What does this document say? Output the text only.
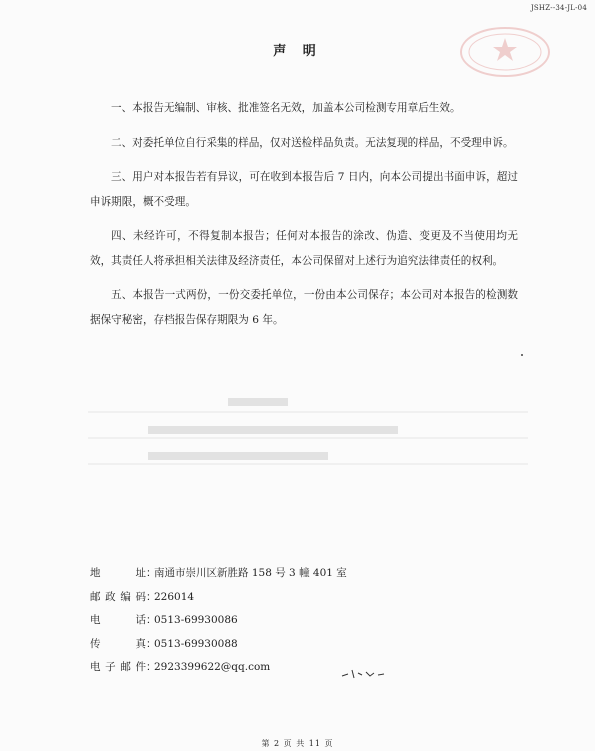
JSHZ--34-JL-04
声 明

一、本报告无编制、审核、批准签名无效，加盖本公司检测专用章后生效。

二、对委托单位自行采集的样品，仅对送检样品负责。无法复现的样品，不受理申诉。

三、用户对本报告若有异议，可在收到本报告后 7 日内，向本公司提出书面申诉，超过申诉期限，概不受理。

四、未经许可，不得复制本报告；任何对本报告的涂改、伪造、变更及不当使用均无效，其责任人将承担相关法律及经济责任，本公司保留对上述行为追究法律责任的权利。

五、本报告一式两份，一份交委托单位，一份由本公司保存；本公司对本报告的检测数据保守秘密，存档报告保存期限为 6 年。

地 址：南通市崇川区新胜路 158 号 3 幢 401 室
邮政编码：226014
电 话：0513-69930086
传 真：0513-69930088
电子邮件：2923399622@qq.com
第 2 页 共 11 页
